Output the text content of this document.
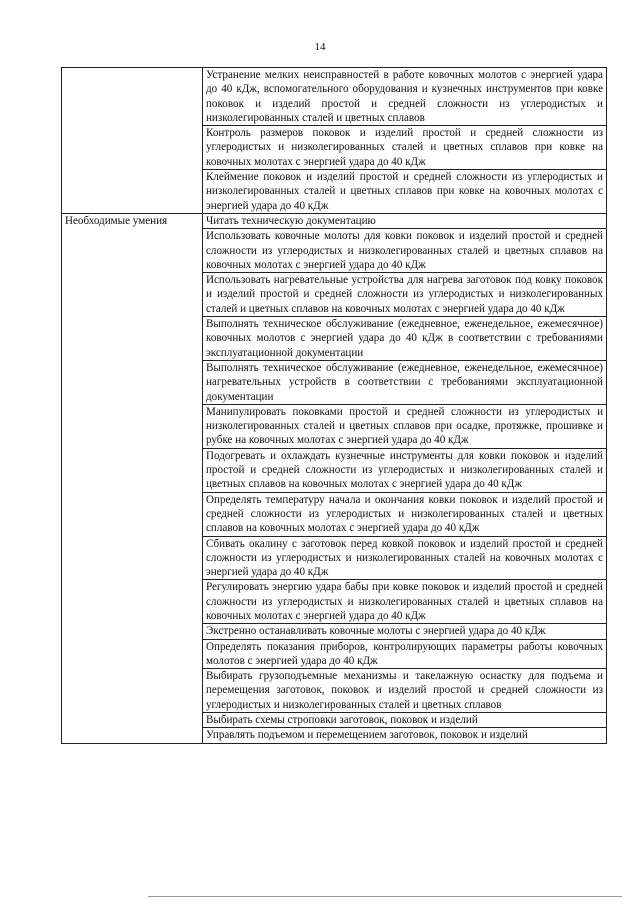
14
	Устранение мелких неисправностей в работе ковочных молотов с энергией удара до 40 кДж, вспомогательного оборудования и кузнечных инструментов при ковке поковок и изделий простой и средней сложности из углеродистых и низколегированных сталей и цветных сплавов
	Контроль размеров поковок и изделий простой и средней сложности из углеродистых и низколегированных сталей и цветных сплавов при ковке на ковочных молотах с энергией удара до 40 кДж
	Клеймение поковок и изделий простой и средней сложности из углеродистых и низколегированных сталей и цветных сплавов при ковке на ковочных молотах с энергией удара до 40 кДж
Необходимые умения	Читать техническую документацию
	Использовать ковочные молоты для ковки поковок и изделий простой и средней сложности из углеродистых и низколегированных сталей и цветных сплавов на ковочных молотах с энергией удара до 40 кДж
	Использовать нагревательные устройства для нагрева заготовок под ковку поковок и изделий простой и средней сложности из углеродистых и низколегированных сталей и цветных сплавов на ковочных молотах с энергией удара до 40 кДж
	Выполнять техническое обслуживание (ежедневное, еженедельное, ежемесячное) ковочных молотов с энергией удара до 40 кДж в соответствии с требованиями эксплуатационной документации
	Выполнять техническое обслуживание (ежедневное, еженедельное, ежемесячное) нагревательных устройств в соответствии с требованиями эксплуатационной документации
	Манипулировать поковками простой и средней сложности из углеродистых и низколегированных сталей и цветных сплавов при осадке, протяжке, прошивке и рубке на ковочных молотах с энергией удара до 40 кДж
	Подогревать и охлаждать кузнечные инструменты для ковки поковок и изделий простой и средней сложности из углеродистых и низколегированных сталей и цветных сплавов на ковочных молотах с энергией удара до 40 кДж
	Определять температуру начала и окончания ковки поковок и изделий простой и средней сложности из углеродистых и низколегированных сталей и цветных сплавов на ковочных молотах с энергией удара до 40 кДж
	Сбивать окалину с заготовок перед ковкой поковок и изделий простой и средней сложности из углеродистых и низколегированных сталей на ковочных молотах с энергией удара до 40 кДж
	Регулировать энергию удара бабы при ковке поковок и изделий простой и средней сложности из углеродистых и низколегированных сталей и цветных сплавов на ковочных молотах с энергией удара до 40 кДж
	Экстренно останавливать ковочные молоты с энергией удара до 40 кДж
	Определять показания приборов, контролирующих параметры работы ковочных молотов с энергией удара до 40 кДж
	Выбирать грузоподъемные механизмы и такелажную оснастку для подъема и перемещения заготовок, поковок и изделий простой и средней сложности из углеродистых и низколегированных сталей и цветных сплавов
	Выбирать схемы строповки заготовок, поковок и изделий
	Управлять подъемом и перемещением заготовок, поковок и изделий
